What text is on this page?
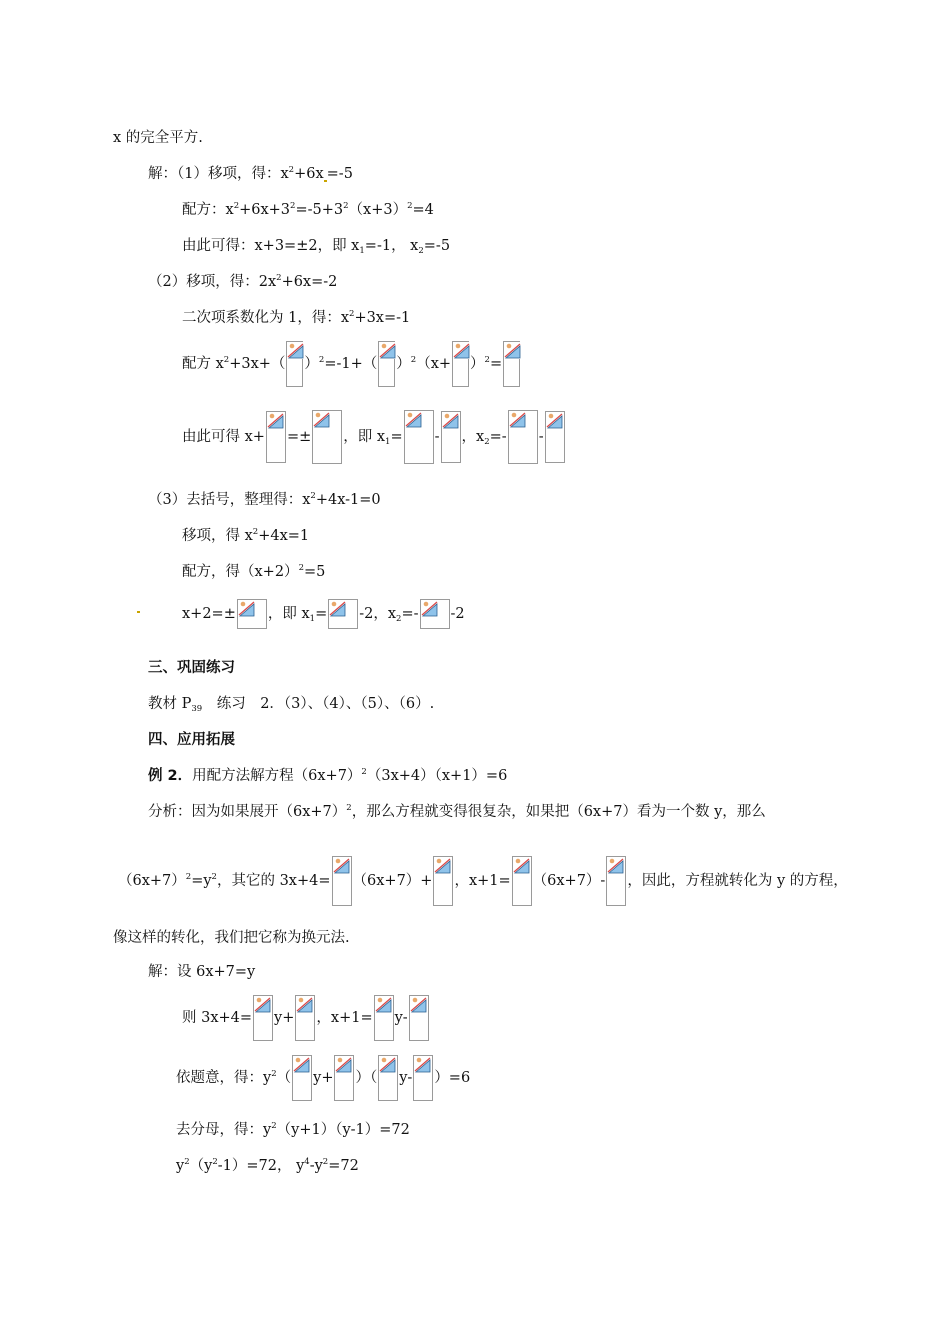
x 的完全平方.
解：（1）移项，得：$x^2+6x =-5$
配方：$x^2+6x+3^2=-5+3^2(x+3)^2=4$
由此可得：x+3=±2，即 $x_1=-1$， $x_2=-5$
（2）移项，得：$2x^2+6x=-2$
二次项系数化为 1，得：$x^2+3x=-1$
配方 $x^2+3x+$（ ）$^2$=-1+（ ）$^2(x+ )^2=$
由此可得 x+ =± ，即 $x_1=$ - ，$x_2=-$ -
（3）去括号，整理得：$x^2+4x-1=0$
移项，得 $x^2+4x=1$
配方，得$(x+2)^2=5$
x+2=± ，即 $x_1= -2$，$x_2=-$ -2
三、巩固练习
教材 $P_{39}$　练习　2．（3）、（4）、（5）、（6）.
四、应用拓展
例 2．用配方法解方程$(6x+7)^2(3x+4)(x+1)=6$
分析：因为如果展开$(6x+7)^2$，那么方程就变得很复杂，如果把（6x+7）看为一个数 y，那么
$(6x+7)^2=y^2$，其它的 3x+4= （6x+7）+ ，x+1= （6x+7）- ，因此，方程就转化为 y 的方程，
像这样的转化，我们把它称为换元法.
解：设 6x+7=y
则 3x+4= y+ ，x+1= y-
依题意，得：$y^2$（ y+ ）（ y- ）=6
去分母，得：$y^2(y+1)(y-1)=72$
$y^2(y^2-1)=72$， $y^4-y^2=72$
